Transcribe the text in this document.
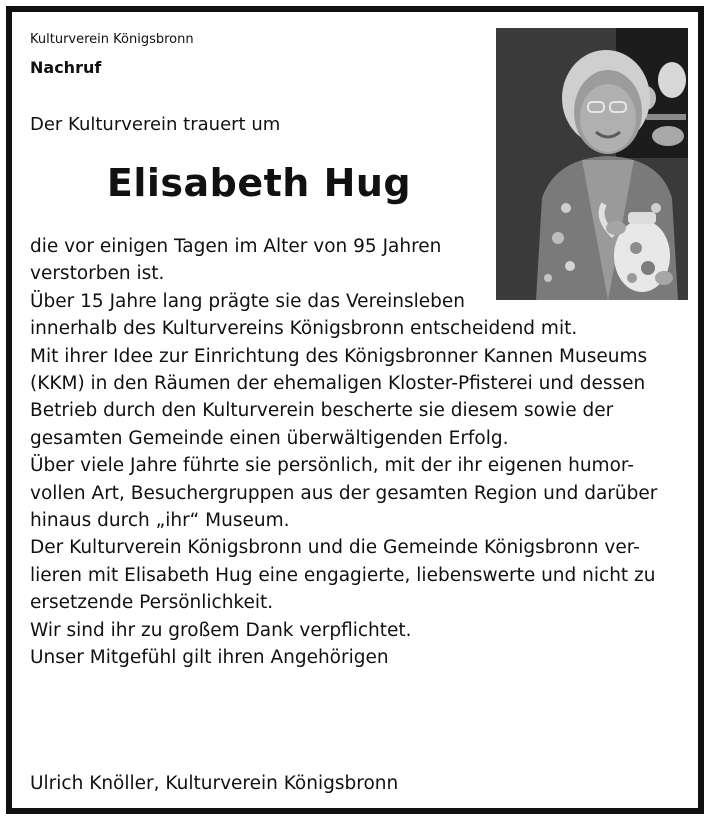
Kulturverein Königsbronn
Nachruf
Der Kulturverein trauert um
Elisabeth Hug
die vor einigen Tagen im Alter von 95 Jahren
verstorben ist.
Über 15 Jahre lang prägte sie das Vereinsleben
innerhalb des Kulturvereins Königsbronn entscheidend mit.
Mit ihrer Idee zur Einrichtung des Königsbronner Kannen Museums
(KKM) in den Räumen der ehemaligen Kloster-Pfisterei und dessen
Betrieb durch den Kulturverein bescherte sie diesem sowie der
gesamten Gemeinde einen überwältigenden Erfolg.
Über viele Jahre führte sie persönlich, mit der ihr eigenen humor-
vollen Art, Besuchergruppen aus der gesamten Region und darüber
hinaus durch „ihr“ Museum.
Der Kulturverein Königsbronn und die Gemeinde Königsbronn ver-
lieren mit Elisabeth Hug eine engagierte, liebenswerte und nicht zu
ersetzende Persönlichkeit.
Wir sind ihr zu großem Dank verpflichtet.
Unser Mitgefühl gilt ihren Angehörigen
Ulrich Knöller, Kulturverein Königsbronn
